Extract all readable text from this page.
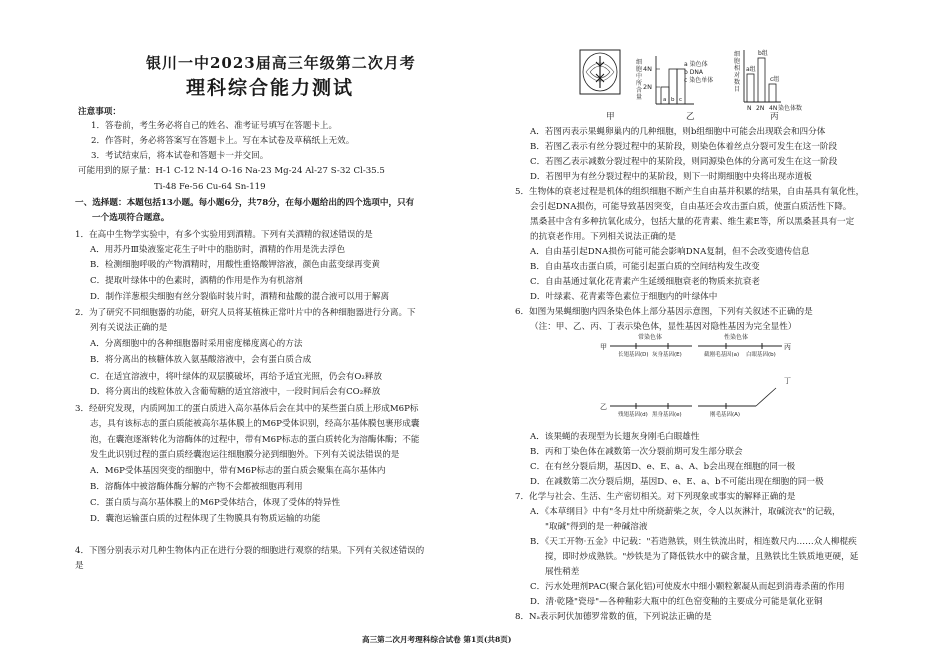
银川一中2023届高三年级第二次月考
理科综合能力测试
注意事项：
1．答卷前，考生务必将自己的姓名、准考证号填写在答题卡上。
2．作答时，务必将答案写在答题卡上。写在本试卷及草稿纸上无效。
3．考试结束后，将本试卷和答题卡一并交回。
可能用到的原子量：H-1 C-12 N-14 O-16 Na-23 Mg-24 Al-27 S-32 Cl-35.5
Ti-48 Fe-56 Cu-64 Sn-119
一、选择题：本题包括13小题。每小题6分，共78分，在每小题给出的四个选项中，只有
一个选项符合题意。
1．在高中生物学实验中，有多个实验用到酒精。下列有关酒精的叙述错误的是
A．用苏丹Ⅲ染液鉴定花生子叶中的脂肪时，酒精的作用是洗去浮色
B．检测细胞呼吸的产物酒精时，用酸性重铬酸钾溶液，颜色由蓝变绿再变黄
C．提取叶绿体中的色素时，酒精的作用是作为有机溶剂
D．制作洋葱根尖细胞有丝分裂临时装片时，酒精和盐酸的混合液可以用于解离
2．为了研究不同细胞器的功能，研究人员将某植株正常叶片中的各种细胞器进行分离。下
列有关说法正确的是
A．分离细胞中的各种细胞器时采用密度梯度离心的方法
B．将分离出的核糖体放入氨基酸溶液中，会有蛋白质合成
C．在适宜溶液中，将叶绿体的双层膜破坏，再给予适宜光照，仍会有O₂释放
D．将分离出的线粒体放入含葡萄糖的适宜溶液中，一段时间后会有CO₂释放
3．经研究发现，内质网加工的蛋白质进入高尔基体后会在其中的某些蛋白质上形成M6P标
志，具有该标志的蛋白质能被高尔基体膜上的M6P受体识别，经高尔基体膜包裹形成囊
泡，在囊泡逐渐转化为溶酶体的过程中，带有M6P标志的蛋白质转化为溶酶体酶；不能
发生此识别过程的蛋白质经囊泡运往细胞膜分泌到细胞外。下列有关说法错误的是
A．M6P受体基因突变的细胞中，带有M6P标志的蛋白质会聚集在高尔基体内
B．溶酶体中被溶酶体酶分解的产物不会都被细胞再利用
C．蛋白质与高尔基体膜上的M6P受体结合，体现了受体的特异性
D．囊泡运输蛋白质的过程体现了生物膜具有物质运输的功能
4．下图分别表示对几种生物体内正在进行分裂的细胞进行观察的结果。下列有关叙述错误的
是
细
胞
中
所
含
量
4N
2N
a b c
a 染色体
b DNA
c 染色单体
细
胞
相
对
数
目
a组
b组
c组
N 2N 4N 染色体数
甲	乙	丙
A．若图丙表示果蝇卵巢内的几种细胞，则b组细胞中可能会出现联会和四分体
B．若图乙表示有丝分裂过程中的某阶段，则染色体着丝点分裂可发生在这一阶段
C．若图乙表示减数分裂过程中的某阶段，则同源染色体的分离可发生在这一阶段
D．若图甲为有丝分裂过程中的某阶段，则下一时期细胞中央将出现赤道板
5．生物体的衰老过程是机体的组织细胞不断产生自由基并积累的结果，自由基具有氧化性，
会引起DNA损伤，可能导致基因突变，自由基还会攻击蛋白质，使蛋白质活性下降。
黑桑甚中含有多种抗氧化成分，包括大量的花青素、维生素E等，所以黑桑甚具有一定
的抗衰老作用。下列相关说法正确的是
A．自由基引起DNA损伤可能可能会影响DNA复制，但不会改变遗传信息
B．自由基攻击蛋白质，可能引起蛋白质的空间结构发生改变
C．自由基通过氧化花青素产生延缓细胞衰老的物质来抗衰老
D．叶绿素、花青素等色素位于细胞内的叶绿体中
6．如图为果蝇细胞内四条染色体上部分基因示意图，下列有关叙述不正确的是
（注：甲、乙、丙、丁表示染色体，显性基因对隐性基因为完全显性）
甲
乙
丙
丁
常染色体	性染色体
长翅基因(D) 灰身基因(E)	截刚毛基因(a) 白眼基因(b)
残翅基因(d) 黑身基因(e)	刚毛基因(A)
A．该果蝇的表现型为长翅灰身刚毛白眼雄性
B．丙和丁染色体在减数第一次分裂前期可发生部分联会
C．在有丝分裂后期，基因D、e、E、a、A、b会出现在细胞的同一极
D．在减数第二次分裂后期，基因D、e、E、a、b不可能出现在细胞的同一极
7．化学与社会、生活、生产密切相关。对下列现象或事实的解释正确的是
A．《本草纲目》中有"冬月灶中所烧薪柴之灰，令人以灰淋汁，取碱浣衣"的记载，
"取碱"得到的是一种碱溶液
B．《天工开物·五金》中记载："若造熟铁，则生铁流出时，相连数尺内……众人柳棍疾
搅，即时炒成熟铁。"炒铁是为了降低铁水中的碳含量，且熟铁比生铁质地更硬，延
展性稍差
C．污水处理剂PAC(聚合氯化铝)可使废水中细小颗粒絮凝从而起到消毒杀菌的作用
D．清·乾隆"瓷母"—各种釉彩大瓶中的红色窑变釉的主要成分可能是氧化亚铜
8．Nₐ表示阿伏加德罗常数的值，下列说法正确的是
高三第二次月考理科综合试卷 第1页(共8页)
